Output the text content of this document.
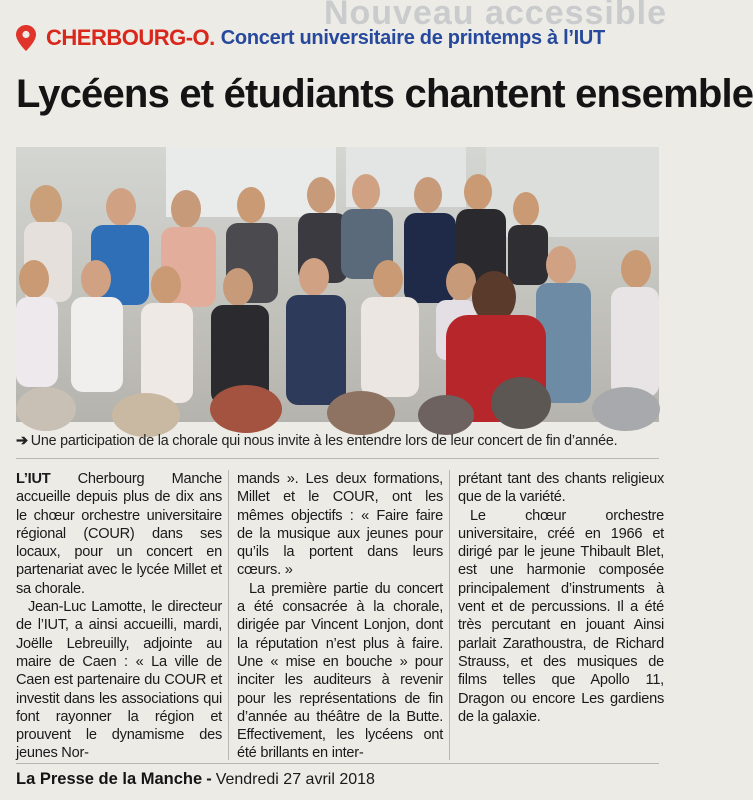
Nouveau accessible
CHERBOURG-O. Concert universitaire de printemps à l’IUT
Lycéens et étudiants chantent ensemble
➔ Une participation de la chorale qui nous invite à les entendre lors de leur concert de fin d’année.

L’IUT Cherbourg Manche accueille depuis plus de dix ans le chœur orchestre universitaire régional (COUR) dans ses locaux, pour un concert en partenariat avec le lycée Millet et sa chorale.

Jean-Luc Lamotte, le directeur de l’IUT, a ainsi accueilli, mardi, Joëlle Lebreuilly, adjointe au maire de Caen : « La ville de Caen est partenaire du COUR et investit dans les associations qui font rayonner la région et prouvent le dynamisme des jeunes Nor-

mands ». Les deux formations, Millet et le COUR, ont les mêmes objectifs : « Faire faire de la musique aux jeunes pour qu’ils la portent dans leurs cœurs. »

La première partie du concert a été consacrée à la chorale, dirigée par Vincent Lonjon, dont la réputation n’est plus à faire. Une « mise en bouche » pour inciter les auditeurs à revenir pour les représentations de fin d’année au théâtre de la Butte. Effectivement, les lycéens ont été brillants en inter-

prétant tant des chants religieux que de la variété.

Le chœur orchestre universitaire, créé en 1966 et dirigé par le jeune Thibault Blet, est une harmonie composée principalement d’instruments à vent et de percussions. Il a été très percutant en jouant Ainsi parlait Zarathoustra, de Richard Strauss, et des musiques de films telles que Apollo 11, Dragon ou encore Les gardiens de la galaxie.

La Presse de la Manche - Vendredi 27 avril 2018
